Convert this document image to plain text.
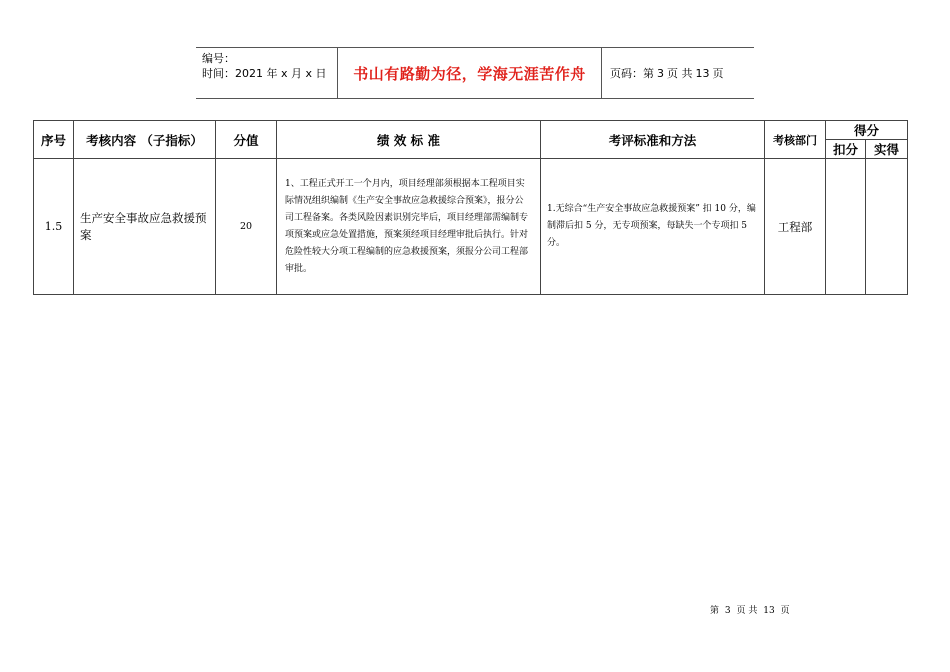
编号：
时间：2021 年 x 月 x 日	书山有路勤为径，学海无涯苦作舟	页码：第 3 页 共 13 页
序号	考核内容 （子指标）	分值	绩 效 标 准	考评标准和方法	考核部门	得分	
						扣分	实得
1.5	生产安全事故应急救援预案	20	1、工程正式开工一个月内，项目经理部须根据本工程项目实际情况组织编制《生产安全事故应急救援综合预案》，报分公司工程备案。各类风险因素识别完毕后，项目经理部需编制专项预案或应急处置措施，预案须经项目经理审批后执行。针对危险性较大分项工程编制的应急救援预案，须报分公司工程部审批。	1.无综合“生产安全事故应急救援预案” 扣 10 分，编制滞后扣 5 分，无专项预案，每缺失一个专项扣 5 分。	工程部		
第 3 页 共 13 页
